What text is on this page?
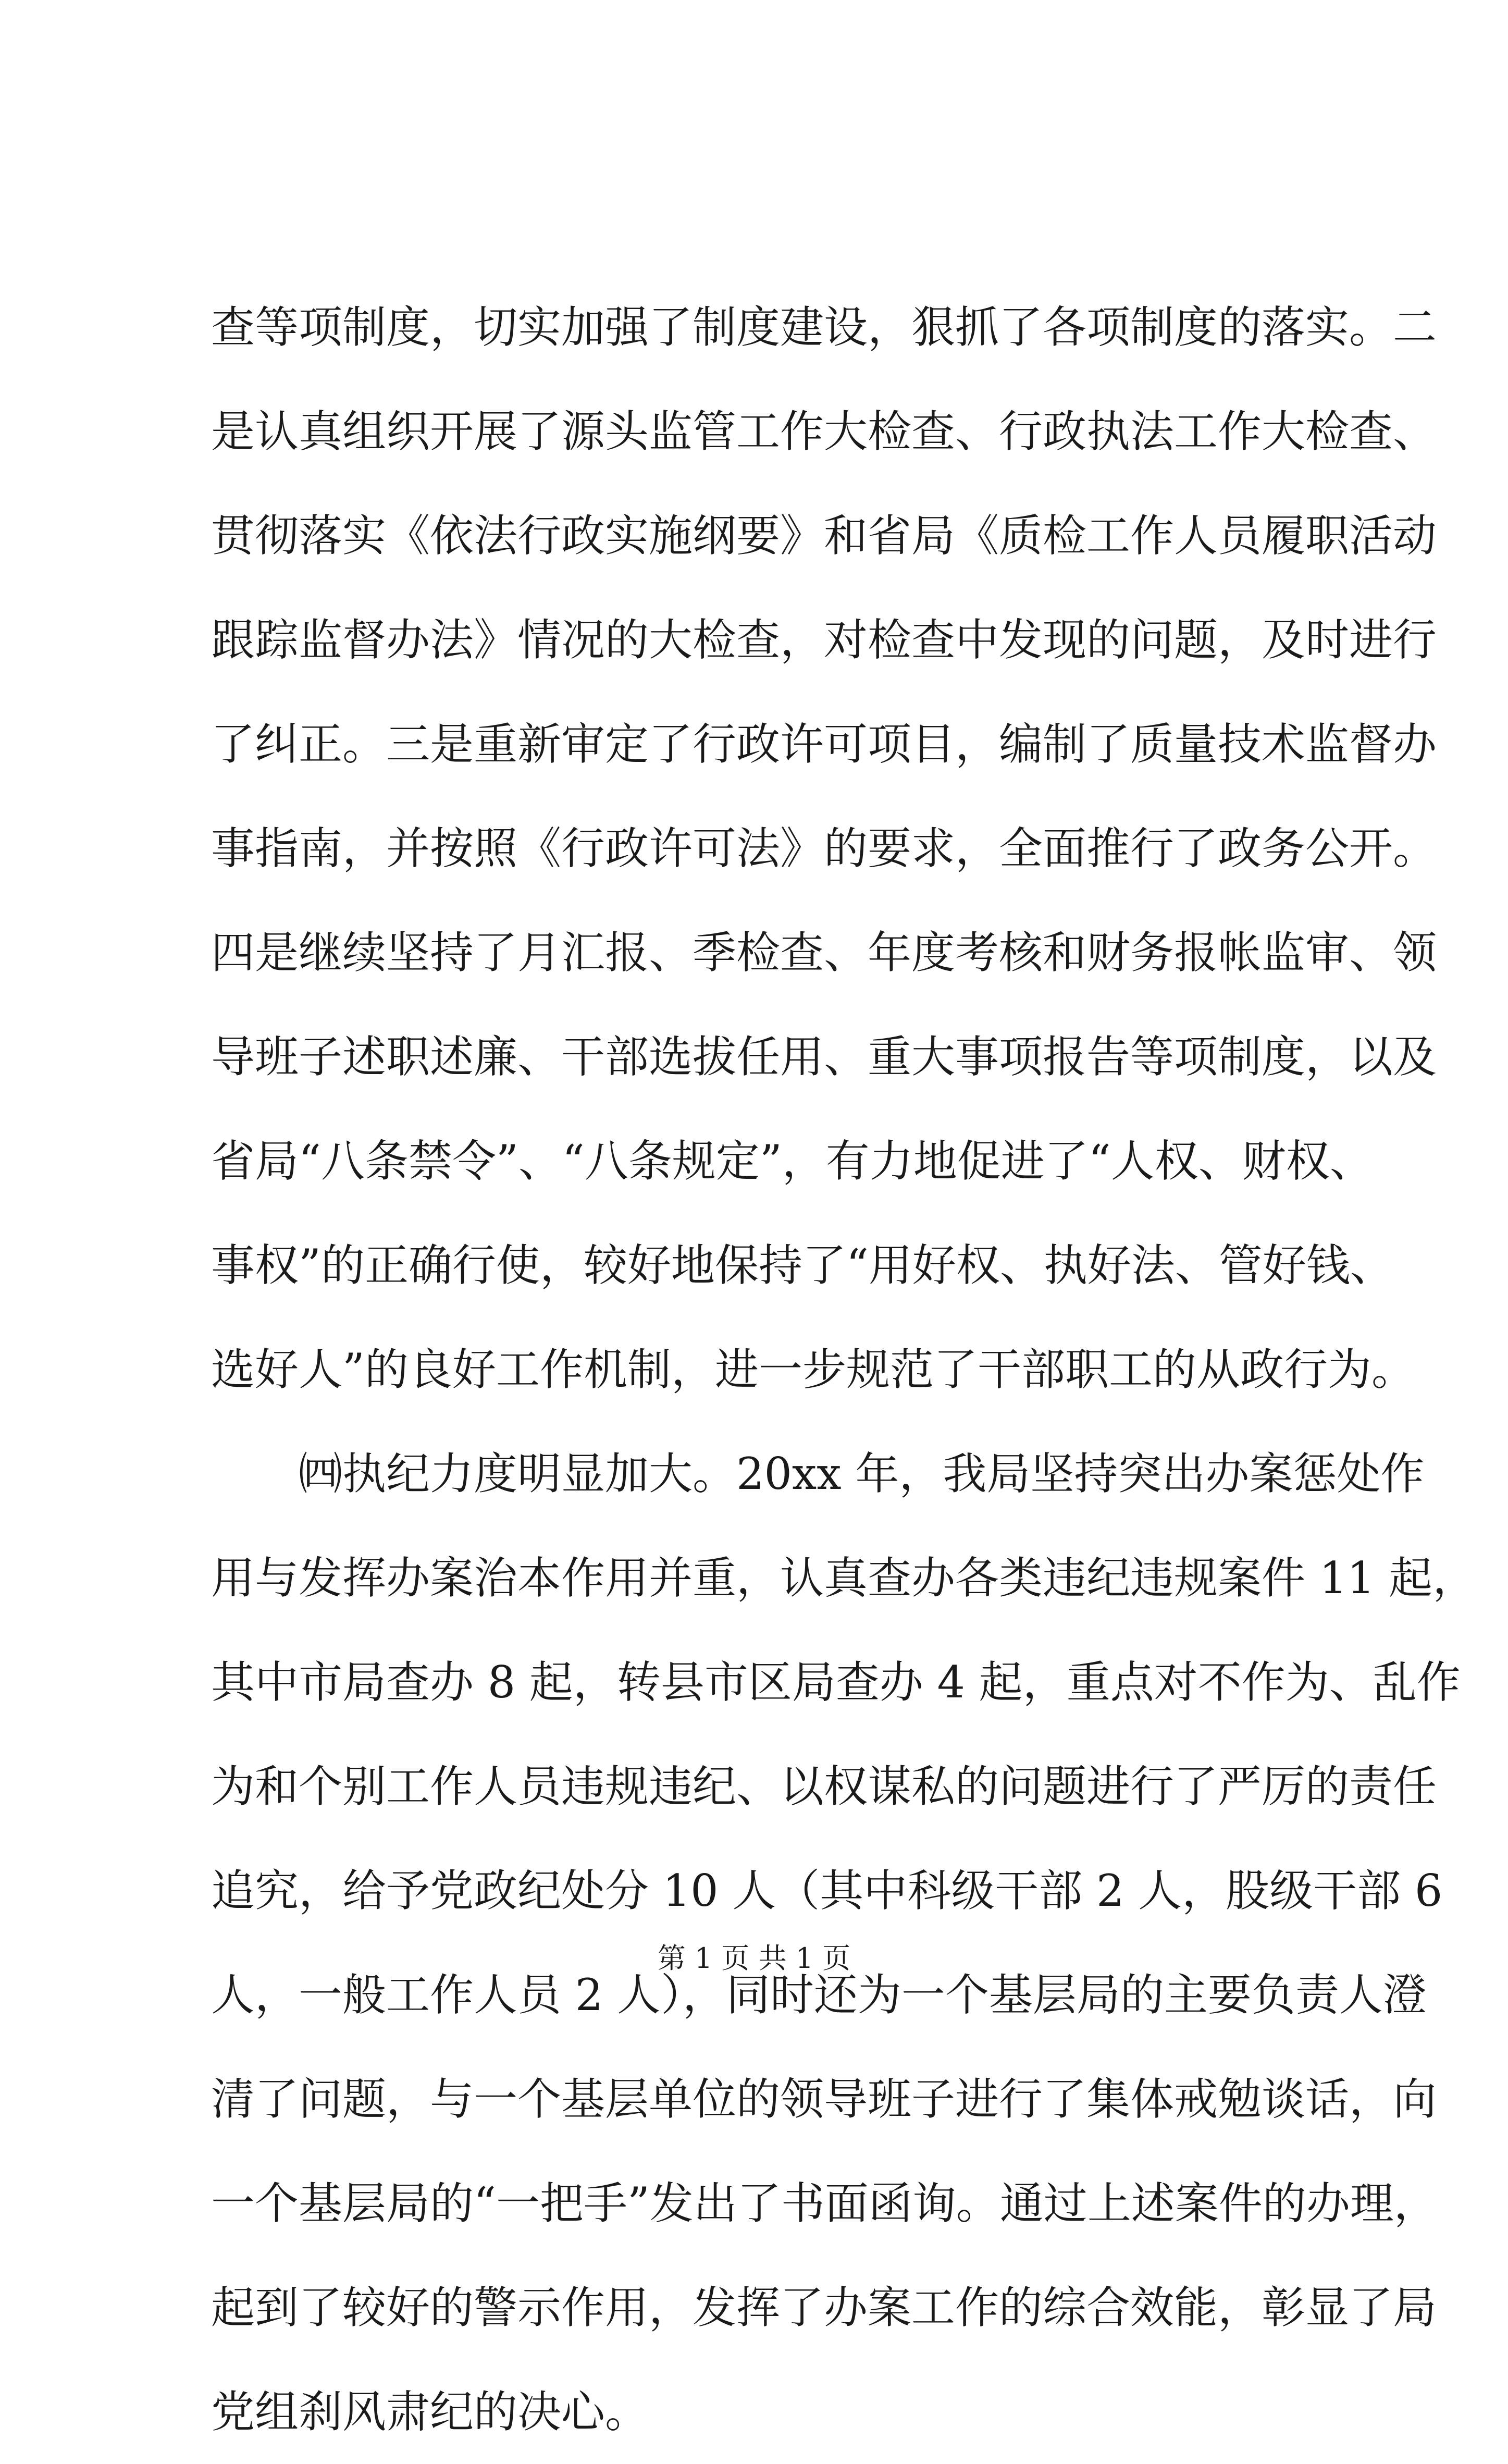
查等项制度，切实加强了制度建设，狠抓了各项制度的落实。二
是认真组织开展了源头监管工作大检查、行政执法工作大检查、
贯彻落实《依法行政实施纲要》和省局《质检工作人员履职活动
跟踪监督办法》情况的大检查，对检查中发现的问题，及时进行
了纠正。三是重新审定了行政许可项目，编制了质量技术监督办
事指南，并按照《行政许可法》的要求，全面推行了政务公开。
四是继续坚持了月汇报、季检查、年度考核和财务报帐监审、领
导班子述职述廉、干部选拔任用、重大事项报告等项制度，以及
省局“八条禁令”、“八条规定”，有力地促进了“人权、财权、
事权”的正确行使，较好地保持了“用好权、执好法、管好钱、
选好人”的良好工作机制，进一步规范了干部职工的从政行为。
　　㈣执纪力度明显加大。20xx 年，我局坚持突出办案惩处作
用与发挥办案治本作用并重，认真查办各类违纪违规案件 11 起，
其中市局查办 8 起，转县市区局查办 4 起，重点对不作为、乱作
为和个别工作人员违规违纪、以权谋私的问题进行了严厉的责任
追究，给予党政纪处分 10 人（其中科级干部 2 人，股级干部 6
人，一般工作人员 2 人），同时还为一个基层局的主要负责人澄
清了问题，与一个基层单位的领导班子进行了集体戒勉谈话，向
一个基层局的“一把手”发出了书面函询。通过上述案件的办理，
起到了较好的警示作用，发挥了办案工作的综合效能，彰显了局
党组刹风肃纪的决心。
第 1 页 共 1 页
